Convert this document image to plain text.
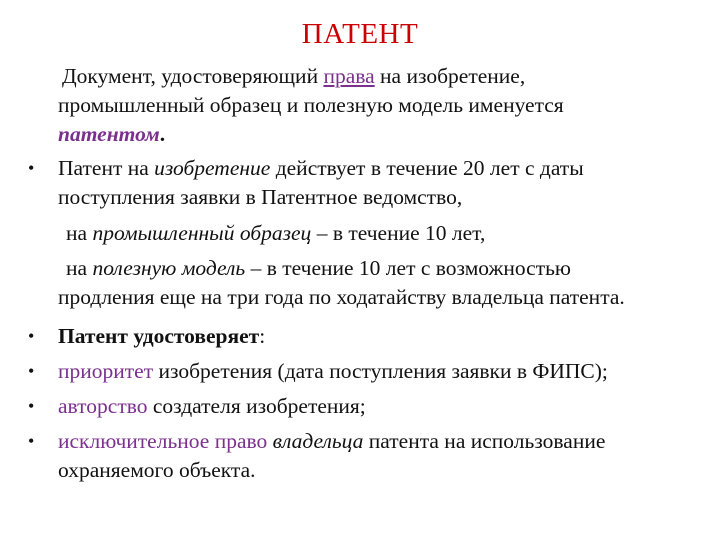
ПАТЕНТ
Документ, удостоверяющий права на изобретение,
промышленный образец и полезную модель именуется
патентом.
• Патент на изобретение действует в течение 20 лет с даты
поступления заявки в Патентное ведомство,
на промышленный образец – в течение 10 лет,
на полезную модель – в течение 10 лет с возможностью
продления еще на три года по ходатайству владельца патента.
• Патент удостоверяет:
• приоритет изобретения (дата поступления заявки в ФИПС);
• авторство создателя изобретения;
• исключительное право владельца патента на использование
охраняемого объекта.
